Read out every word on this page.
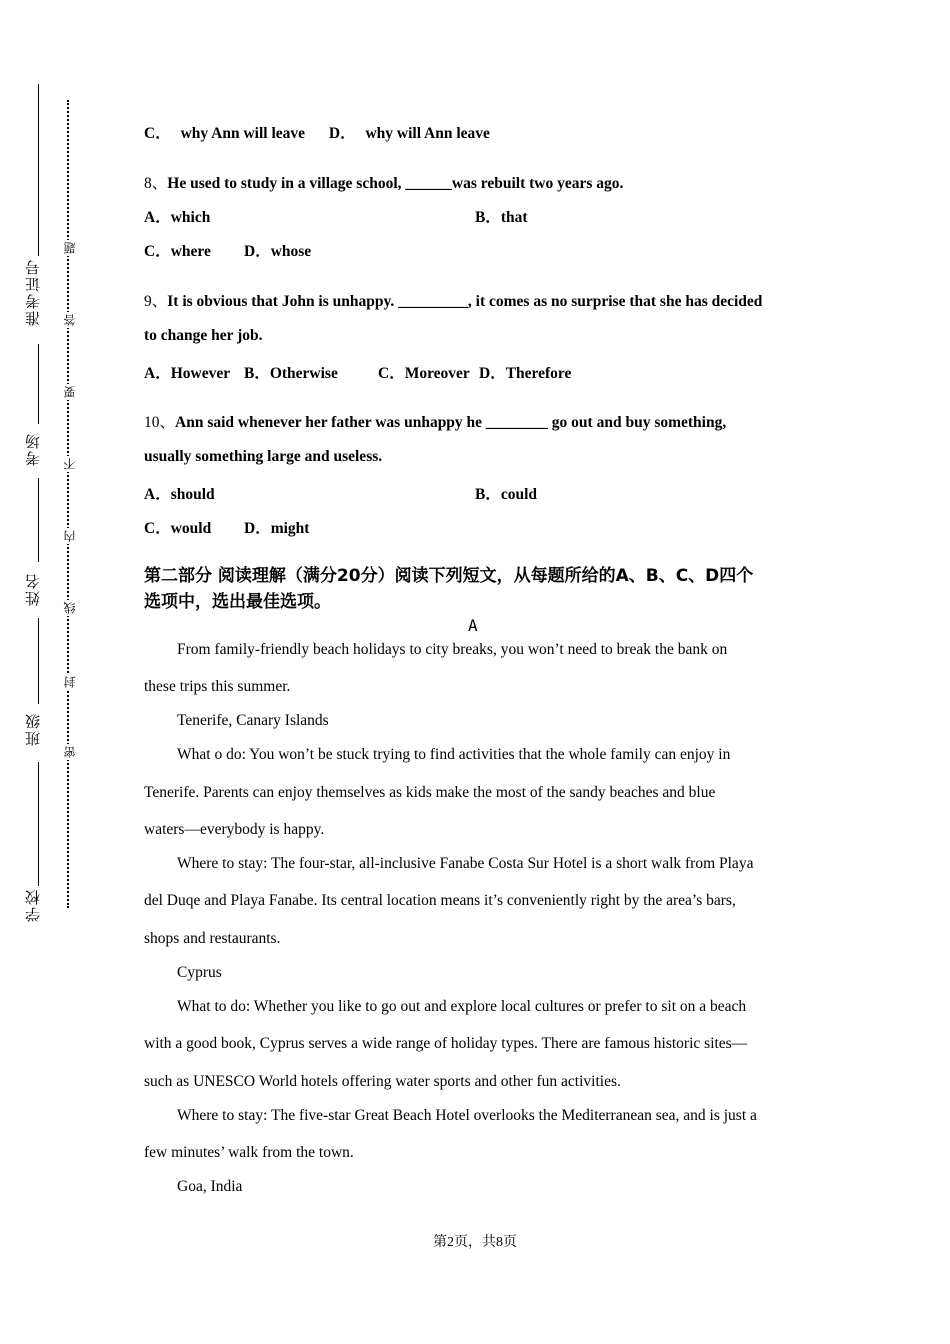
学校
班级
姓名
考场
准考证号
密
封
线
内
不
要
答
题
C． why Ann will leave D． why will Ann leave
8、He used to study in a village school, ______was rebuilt two years ago.
A．which	B．that
C．where D．whose
9、It is obvious that John is unhappy. _________, it comes as no surprise that she has decided
to change her job.
A．However B．Otherwise	C．Moreover D．Therefore
10、Ann said whenever her father was unhappy he ________ go out and buy something,
usually something large and useless.
A．should	B．could
C．would D．might
第二部分 阅读理解（满分20分）阅读下列短文，从每题所给的A、B、C、D四个
选项中，选出最佳选项。
A
From family-friendly beach holidays to city breaks, you won’t need to break the bank on
these trips this summer.
Tenerife, Canary Islands
What o do: You won’t be stuck trying to find activities that the whole family can enjoy in
Tenerife. Parents can enjoy themselves as kids make the most of the sandy beaches and blue
waters—everybody is happy.
Where to stay: The four-star, all-inclusive Fanabe Costa Sur Hotel is a short walk from Playa
del Duqe and Playa Fanabe. Its central location means it’s conveniently right by the area’s bars,
shops and restaurants.
Cyprus
What to do: Whether you like to go out and explore local cultures or prefer to sit on a beach
with a good book, Cyprus serves a wide range of holiday types. There are famous historic sites—
such as UNESCO World hotels offering water sports and other fun activities.
Where to stay: The five-star Great Beach Hotel overlooks the Mediterranean sea, and is just a
few minutes’ walk from the town.
Goa, India
第2页，共8页
